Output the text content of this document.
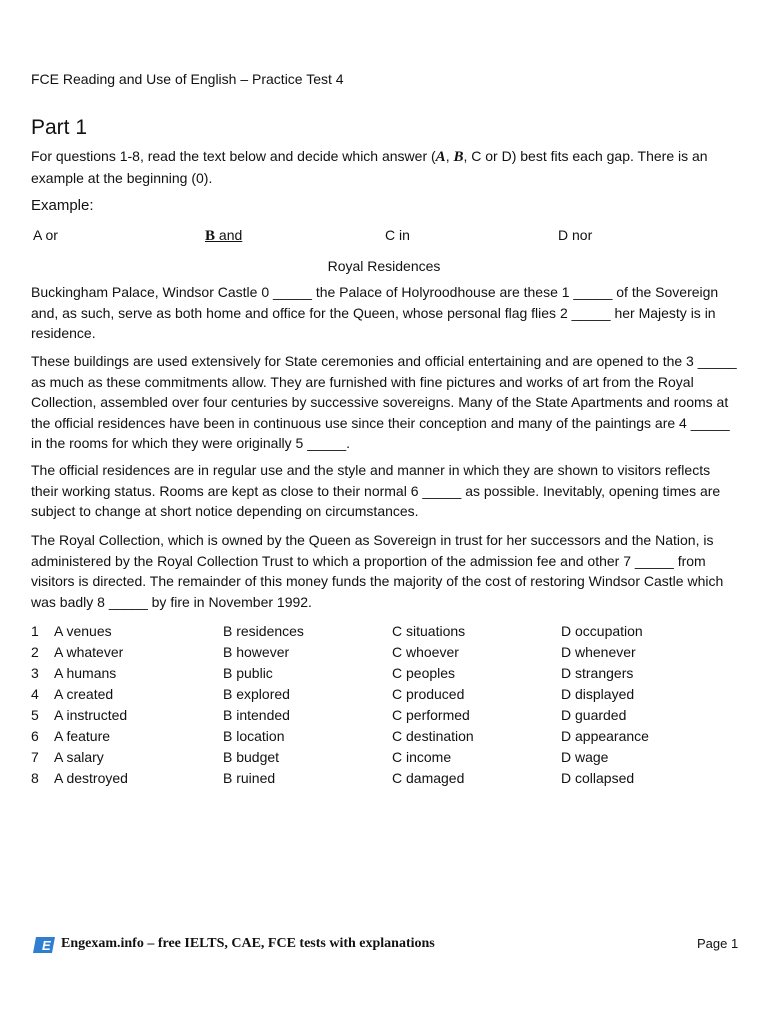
FCE Reading and Use of English – Practice Test 4
Part 1
For questions 1-8, read the text below and decide which answer (A, B, C or D) best fits each gap. There is an example at the beginning (0).
Example:
A or	B and	C in	D nor
Royal Residences

Buckingham Palace, Windsor Castle 0 _____ the Palace of Holyroodhouse are these 1 _____ of the Sovereign and, as such, serve as both home and office for the Queen, whose personal flag flies 2 _____ her Majesty is in residence.

These buildings are used extensively for State ceremonies and official entertaining and are opened to the 3 _____ as much as these commitments allow. They are furnished with fine pictures and works of art from the Royal Collection, assembled over four centuries by successive sovereigns. Many of the State Apartments and rooms at the official residences have been in continuous use since their conception and many of the paintings are 4 _____ in the rooms for which they were originally 5 _____.

The official residences are in regular use and the style and manner in which they are shown to visitors reflects their working status. Rooms are kept as close to their normal 6 _____ as possible. Inevitably, opening times are subject to change at short notice depending on circumstances.

The Royal Collection, which is owned by the Queen as Sovereign in trust for her successors and the Nation, is administered by the Royal Collection Trust to which a proportion of the admission fee and other 7 _____ from visitors is directed. The remainder of this money funds the majority of the cost of restoring Windsor Castle which was badly 8 _____ by fire in November 1992.

1 A venues	B residences	C situations	D occupation
2 A whatever	B however	C whoever	D whenever
3 A humans	B public	C peoples	D strangers
4 A created	B explored	C produced	D displayed
5 A instructed	B intended	C performed	D guarded
6 A feature	B location	C destination	D appearance
7 A salary	B budget	C income	D wage
8 A destroyed	B ruined	C damaged	D collapsed
E Engexam.info – free IELTS, CAE, FCE tests with explanations	Page 1
